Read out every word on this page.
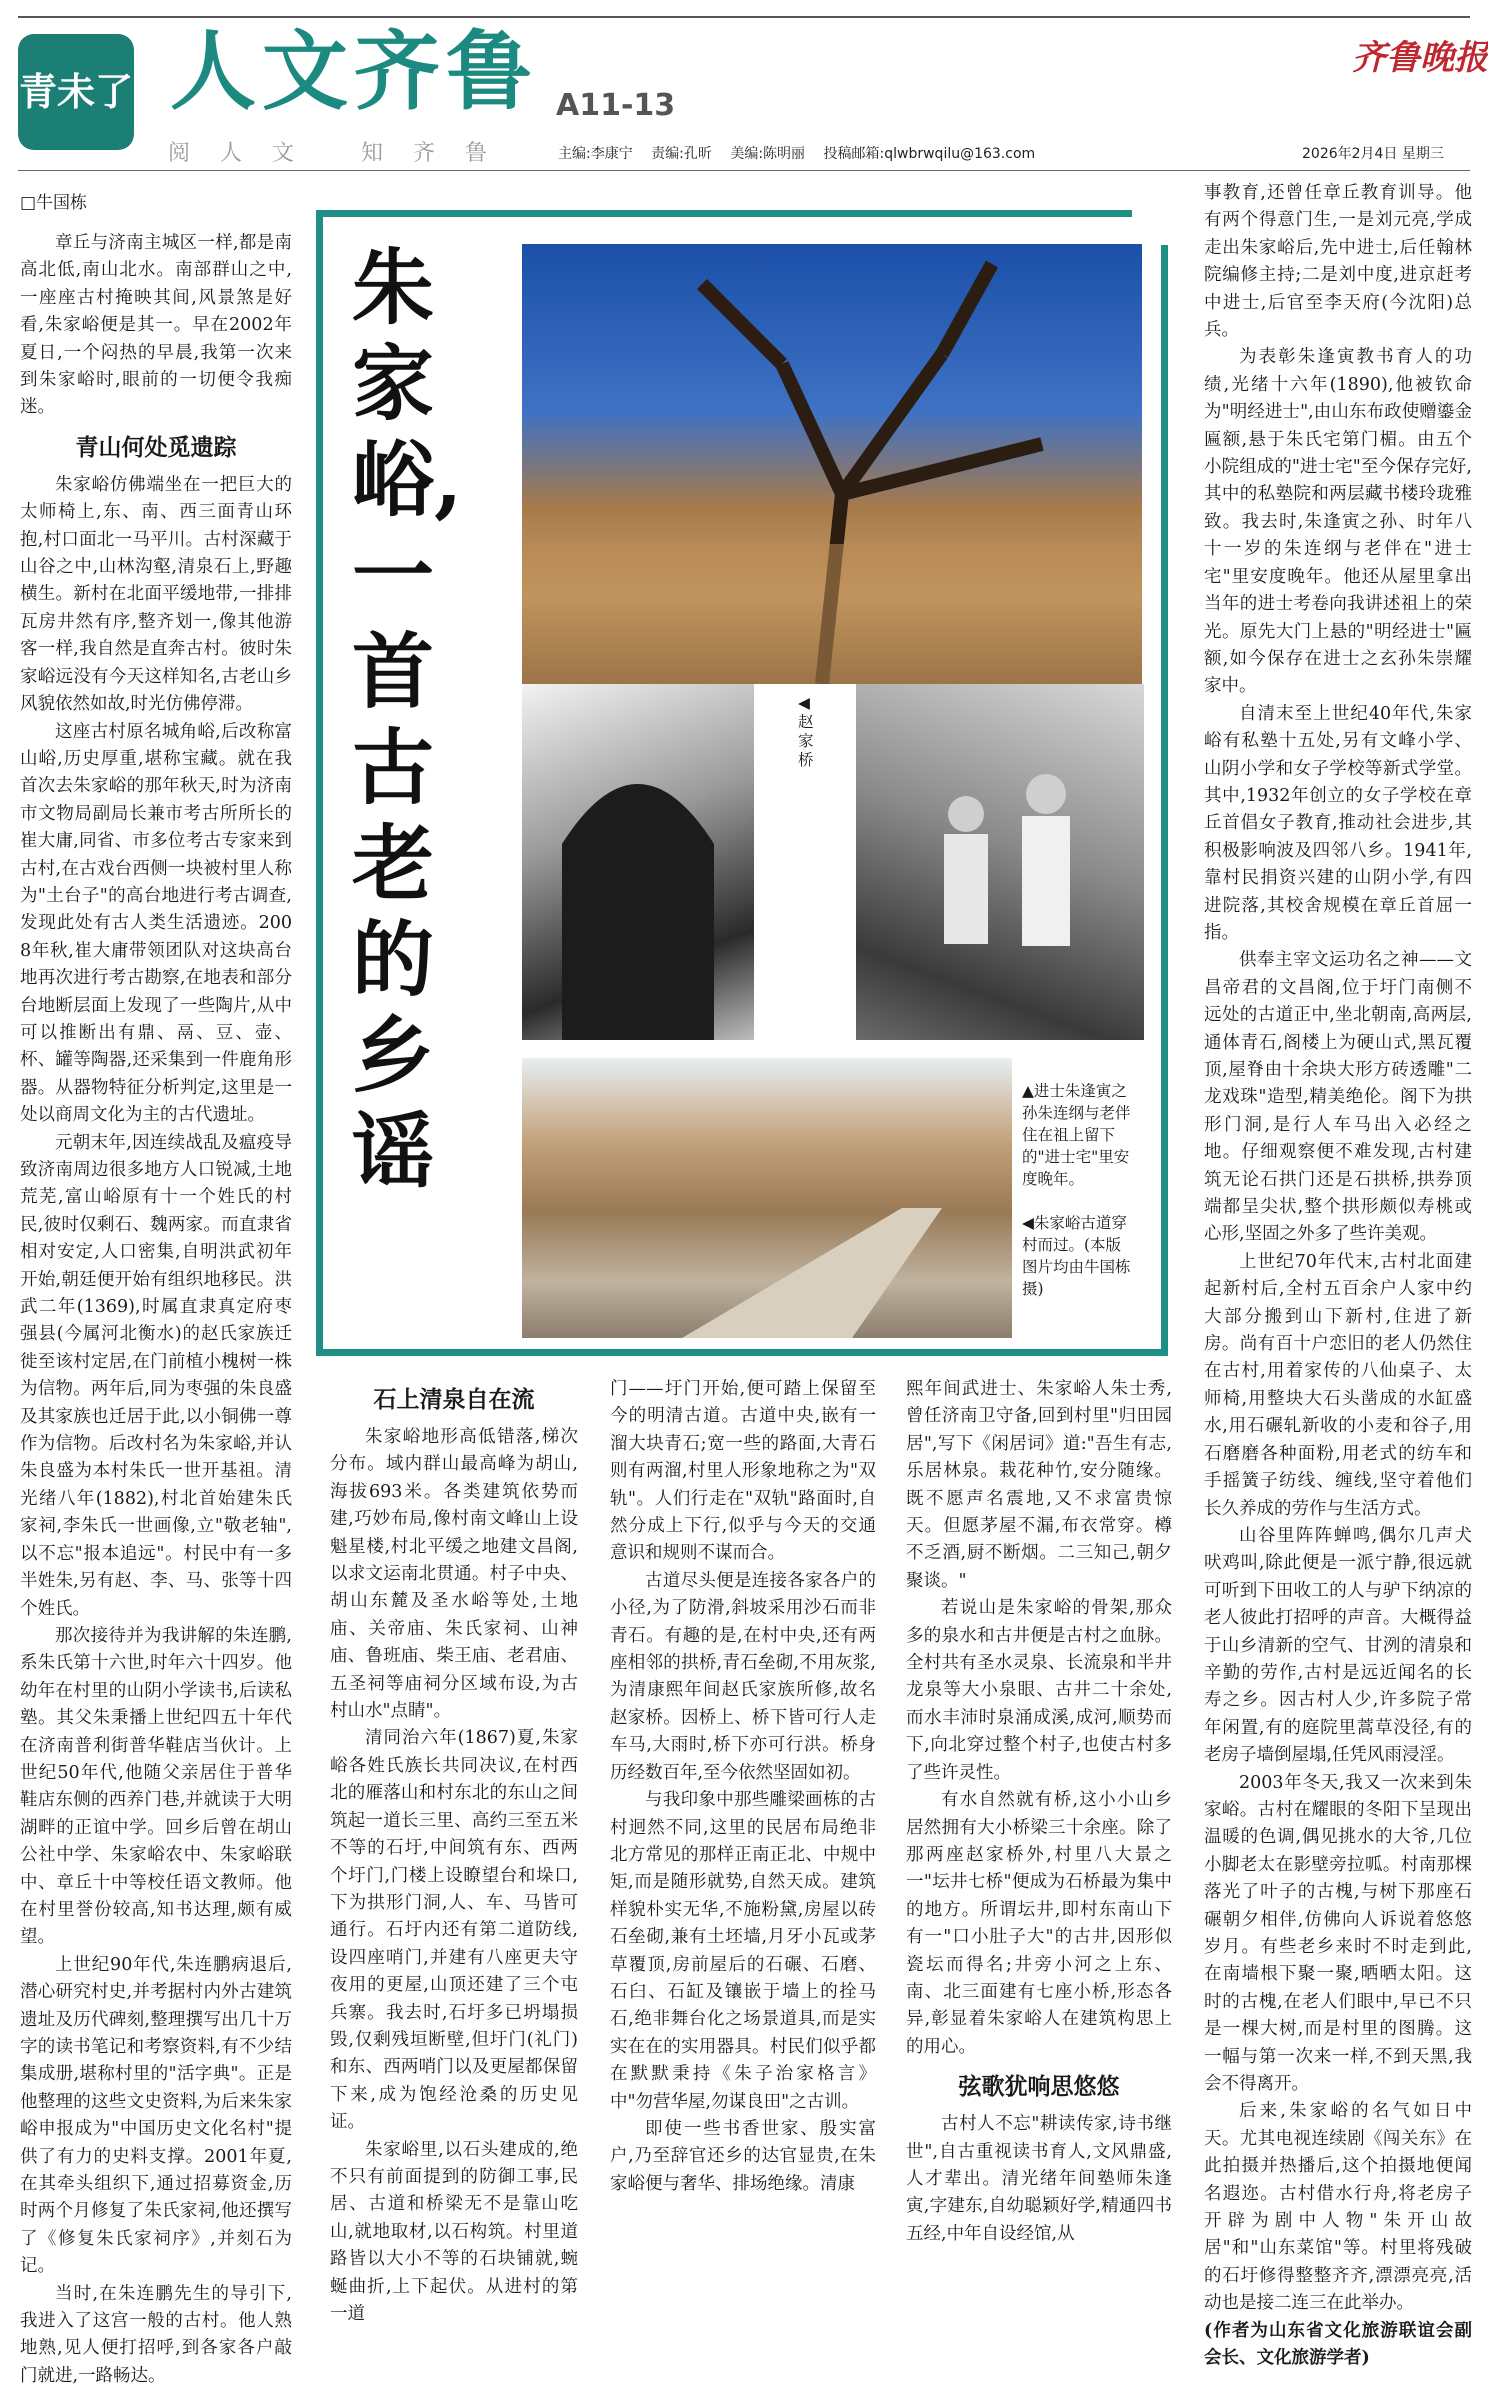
青未了 人文齐鲁 A11-13
阅人文 知齐鲁
齐鲁晚报
主编:李康宁 责编:孔昕 美编:陈明丽 投稿邮箱:qlwbrwqilu@163.com	2026年2月4日 星期三
□牛国栋

章丘与济南主城区一样,都是南高北低,南山北水。南部群山之中,一座座古村掩映其间,风景煞是好看,朱家峪便是其一。早在2002年夏日,一个闷热的早晨,我第一次来到朱家峪时,眼前的一切便令我痴迷。

青山何处觅遗踪

朱家峪仿佛端坐在一把巨大的太师椅上,东、南、西三面青山环抱,村口面北一马平川。古村深藏于山谷之中,山林沟壑,清泉石上,野趣横生。新村在北面平缓地带,一排排瓦房井然有序,整齐划一,像其他游客一样,我自然是直奔古村。彼时朱家峪远没有今天这样知名,古老山乡风貌依然如故,时光仿佛停滞。

这座古村原名城角峪,后改称富山峪,历史厚重,堪称宝藏。就在我首次去朱家峪的那年秋天,时为济南市文物局副局长兼市考古所所长的崔大庸,同省、市多位考古专家来到古村,在古戏台西侧一块被村里人称为"土台子"的高台地进行考古调查,发现此处有古人类生活遗迹。2008年秋,崔大庸带领团队对这块高台地再次进行考古勘察,在地表和部分台地断层面上发现了一些陶片,从中可以推断出有鼎、鬲、豆、壶、杯、罐等陶器,还采集到一件鹿角形器。从器物特征分析判定,这里是一处以商周文化为主的古代遗址。

元朝末年,因连续战乱及瘟疫导致济南周边很多地方人口锐减,土地荒芜,富山峪原有十一个姓氏的村民,彼时仅剩石、魏两家。而直隶省相对安定,人口密集,自明洪武初年开始,朝廷便开始有组织地移民。洪武二年(1369),时属直隶真定府枣强县(今属河北衡水)的赵氏家族迁徙至该村定居,在门前植小槐树一株为信物。两年后,同为枣强的朱良盛及其家族也迁居于此,以小铜佛一尊作为信物。后改村名为朱家峪,并认朱良盛为本村朱氏一世开基祖。清光绪八年(1882),村北首始建朱氏家祠,李朱氏一世画像,立"敬老轴",以不忘"报本追远"。村民中有一多半姓朱,另有赵、李、马、张等十四个姓氏。

那次接待并为我讲解的朱连鹏,系朱氏第十六世,时年六十四岁。他幼年在村里的山阴小学读书,后读私塾。其父朱秉播上世纪四五十年代在济南普利街普华鞋店当伙计。上世纪50年代,他随父亲居住于普华鞋店东侧的西养门巷,并就读于大明湖畔的正谊中学。回乡后曾在胡山公社中学、朱家峪农中、朱家峪联中、章丘十中等校任语文教师。他在村里誉份较高,知书达理,颇有威望。

上世纪90年代,朱连鹏病退后,潜心研究村史,并考据村内外古建筑遗址及历代碑刻,整理撰写出几十万字的读书笔记和考察资料,有不少结集成册,堪称村里的"活字典"。正是他整理的这些文史资料,为后来朱家峪申报成为"中国历史文化名村"提供了有力的史料支撑。2001年夏,在其牵头组织下,通过招募资金,历时两个月修复了朱氏家祠,他还撰写了《修复朱氏家祠序》,并刻石为记。

当时,在朱连鹏先生的导引下,我进入了这宫一般的古村。他人熟地熟,见人便打招呼,到各家各户敲门就进,一路畅达。

石上清泉自在流

朱家峪地形高低错落,梯次分布。域内群山最高峰为胡山,海拔693米。各类建筑依势而建,巧妙布局,像村南文峰山上设魁星楼,村北平缓之地建文昌阁,以求文运南北贯通。村子中央、胡山东麓及圣水峪等处,土地庙、关帝庙、朱氏家祠、山神庙、鲁班庙、柴王庙、老君庙、五圣祠等庙祠分区域布设,为古村山水"点睛"。

清同治六年(1867)夏,朱家峪各姓氏族长共同决议,在村西北的雁落山和村东北的东山之间筑起一道长三里、高约三至五米不等的石圩,中间筑有东、西两个圩门,门楼上设瞭望台和垛口,下为拱形门洞,人、车、马皆可通行。石圩内还有第二道防线,设四座哨门,并建有八座更夫守夜用的更屋,山顶还建了三个屯兵寨。我去时,石圩多已坍塌损毁,仅剩残垣断壁,但圩门(礼门)和东、西两哨门以及更屋都保留下来,成为饱经沧桑的历史见证。

朱家峪里,以石头建成的,绝不只有前面提到的防御工事,民居、古道和桥梁无不是靠山吃山,就地取材,以石构筑。村里道路皆以大小不等的石块铺就,蜿蜒曲折,上下起伏。从进村的第一道

门——圩门开始,便可踏上保留至今的明清古道。古道中央,嵌有一溜大块青石;宽一些的路面,大青石则有两溜,村里人形象地称之为"双轨"。人们行走在"双轨"路面时,自然分成上下行,似乎与今天的交通意识和规则不谋而合。

古道尽头便是连接各家各户的小径,为了防滑,斜坡采用沙石而非青石。有趣的是,在村中央,还有两座相邻的拱桥,青石垒砌,不用灰浆,为清康熙年间赵氏家族所修,故名赵家桥。因桥上、桥下皆可行人走车马,大雨时,桥下亦可行洪。桥身历经数百年,至今依然坚固如初。

与我印象中那些雕梁画栋的古村迥然不同,这里的民居布局绝非北方常见的那样正南正北、中规中矩,而是随形就势,自然天成。建筑样貌朴实无华,不施粉黛,房屋以砖石垒砌,兼有土坯墙,月牙小瓦或茅草覆顶,房前屋后的石碾、石磨、石臼、石缸及镶嵌于墙上的拴马石,绝非舞台化之场景道具,而是实实在在的实用器具。村民们似乎都在默默秉持《朱子治家格言》中"勿营华屋,勿谋良田"之古训。

即使一些书香世家、殷实富户,乃至辞官还乡的达官显贵,在朱家峪便与奢华、排场绝缘。清康

熙年间武进士、朱家峪人朱士秀,曾任济南卫守备,回到村里"归田园居",写下《闲居词》道:"吾生有志,乐居林泉。栽花种竹,安分随缘。既不愿声名震地,又不求富贵惊天。但愿茅屋不漏,布衣常穿。樽不乏酒,厨不断烟。二三知己,朝夕聚谈。"

若说山是朱家峪的骨架,那众多的泉水和古井便是古村之血脉。全村共有圣水灵泉、长流泉和半井龙泉等大小泉眼、古井二十余处,而水丰沛时泉涌成溪,成河,顺势而下,向北穿过整个村子,也使古村多了些许灵性。

有水自然就有桥,这小小山乡居然拥有大小桥梁三十余座。除了那两座赵家桥外,村里八大景之一"坛井七桥"便成为石桥最为集中的地方。所谓坛井,即村东南山下有一"口小肚子大"的古井,因形似瓷坛而得名;井旁小河之上东、南、北三面建有七座小桥,形态各异,彰显着朱家峪人在建筑构思上的用心。

弦歌犹响思悠悠

古村人不忘"耕读传家,诗书继世",自古重视读书育人,文风鼎盛,人才辈出。清光绪年间塾师朱逢寅,字建东,自幼聪颖好学,精通四书五经,中年自设经馆,从

事教育,还曾任章丘教育训导。他有两个得意门生,一是刘元亮,学成走出朱家峪后,先中进士,后任翰林院编修主持;二是刘中度,进京赶考中进士,后官至李天府(今沈阳)总兵。

为表彰朱逢寅教书育人的功绩,光绪十六年(1890),他被钦命为"明经进士",由山东布政使赠鎏金匾额,悬于朱氏宅第门楣。由五个小院组成的"进士宅"至今保存完好,其中的私塾院和两层藏书楼玲珑雅致。我去时,朱逢寅之孙、时年八十一岁的朱连纲与老伴在"进士宅"里安度晚年。他还从屋里拿出当年的进士考卷向我讲述祖上的荣光。原先大门上悬的"明经进士"匾额,如今保存在进士之玄孙朱崇耀家中。

自清末至上世纪40年代,朱家峪有私塾十五处,另有文峰小学、山阴小学和女子学校等新式学堂。其中,1932年创立的女子学校在章丘首倡女子教育,推动社会进步,其积极影响波及四邻八乡。1941年,靠村民捐资兴建的山阴小学,有四进院落,其校舍规模在章丘首屈一指。

供奉主宰文运功名之神——文昌帝君的文昌阁,位于圩门南侧不远处的古道正中,坐北朝南,高两层,通体青石,阁楼上为硬山式,黑瓦覆顶,屋脊由十余块大形方砖透雕"二龙戏珠"造型,精美绝伦。阁下为拱形门洞,是行人车马出入必经之地。仔细观察便不难发现,古村建筑无论石拱门还是石拱桥,拱券顶端都呈尖状,整个拱形颇似寿桃或心形,坚固之外多了些许美观。

上世纪70年代末,古村北面建起新村后,全村五百余户人家中约大部分搬到山下新村,住进了新房。尚有百十户恋旧的老人仍然住在古村,用着家传的八仙桌子、太师椅,用整块大石头凿成的水缸盛水,用石碾轧新收的小麦和谷子,用石磨磨各种面粉,用老式的纺车和手摇簧子纺线、缠线,坚守着他们长久养成的劳作与生活方式。

山谷里阵阵蝉鸣,偶尔几声犬吠鸡叫,除此便是一派宁静,很远就可听到下田收工的人与驴下纳凉的老人彼此打招呼的声音。大概得益于山乡清新的空气、甘洌的清泉和辛勤的劳作,古村是远近闻名的长寿之乡。因古村人少,许多院子常年闲置,有的庭院里蒿草没径,有的老房子墙倒屋塌,任凭风雨浸淫。

2003年冬天,我又一次来到朱家峪。古村在耀眼的冬阳下呈现出温暖的色调,偶见挑水的大爷,几位小脚老太在影壁旁拉呱。村南那棵落光了叶子的古槐,与树下那座石碾朝夕相伴,仿佛向人诉说着悠悠岁月。有些老乡来时不时走到此,在南墙根下聚一聚,晒晒太阳。这时的古槐,在老人们眼中,早已不只是一棵大树,而是村里的图腾。这一幅与第一次来一样,不到天黑,我会不得离开。

后来,朱家峪的名气如日中天。尤其电视连续剧《闯关东》在此拍摄并热播后,这个拍摄地便闻名遐迩。古村借水行舟,将老房子开辟为剧中人物"朱开山故居"和"山东菜馆"等。村里将残破的石圩修得整整齐齐,漂漂亮亮,活动也是接二连三在此举办。

(作者为山东省文化旅游联谊会副会长、文化旅游学者)

朱家峪,一首古老的乡谣
◀赵家桥
▲进士朱逢寅之孙朱连纲与老伴住在祖上留下的"进士宅"里安度晚年。
◀朱家峪古道穿村而过。(本版图片均由牛国栋摄)
